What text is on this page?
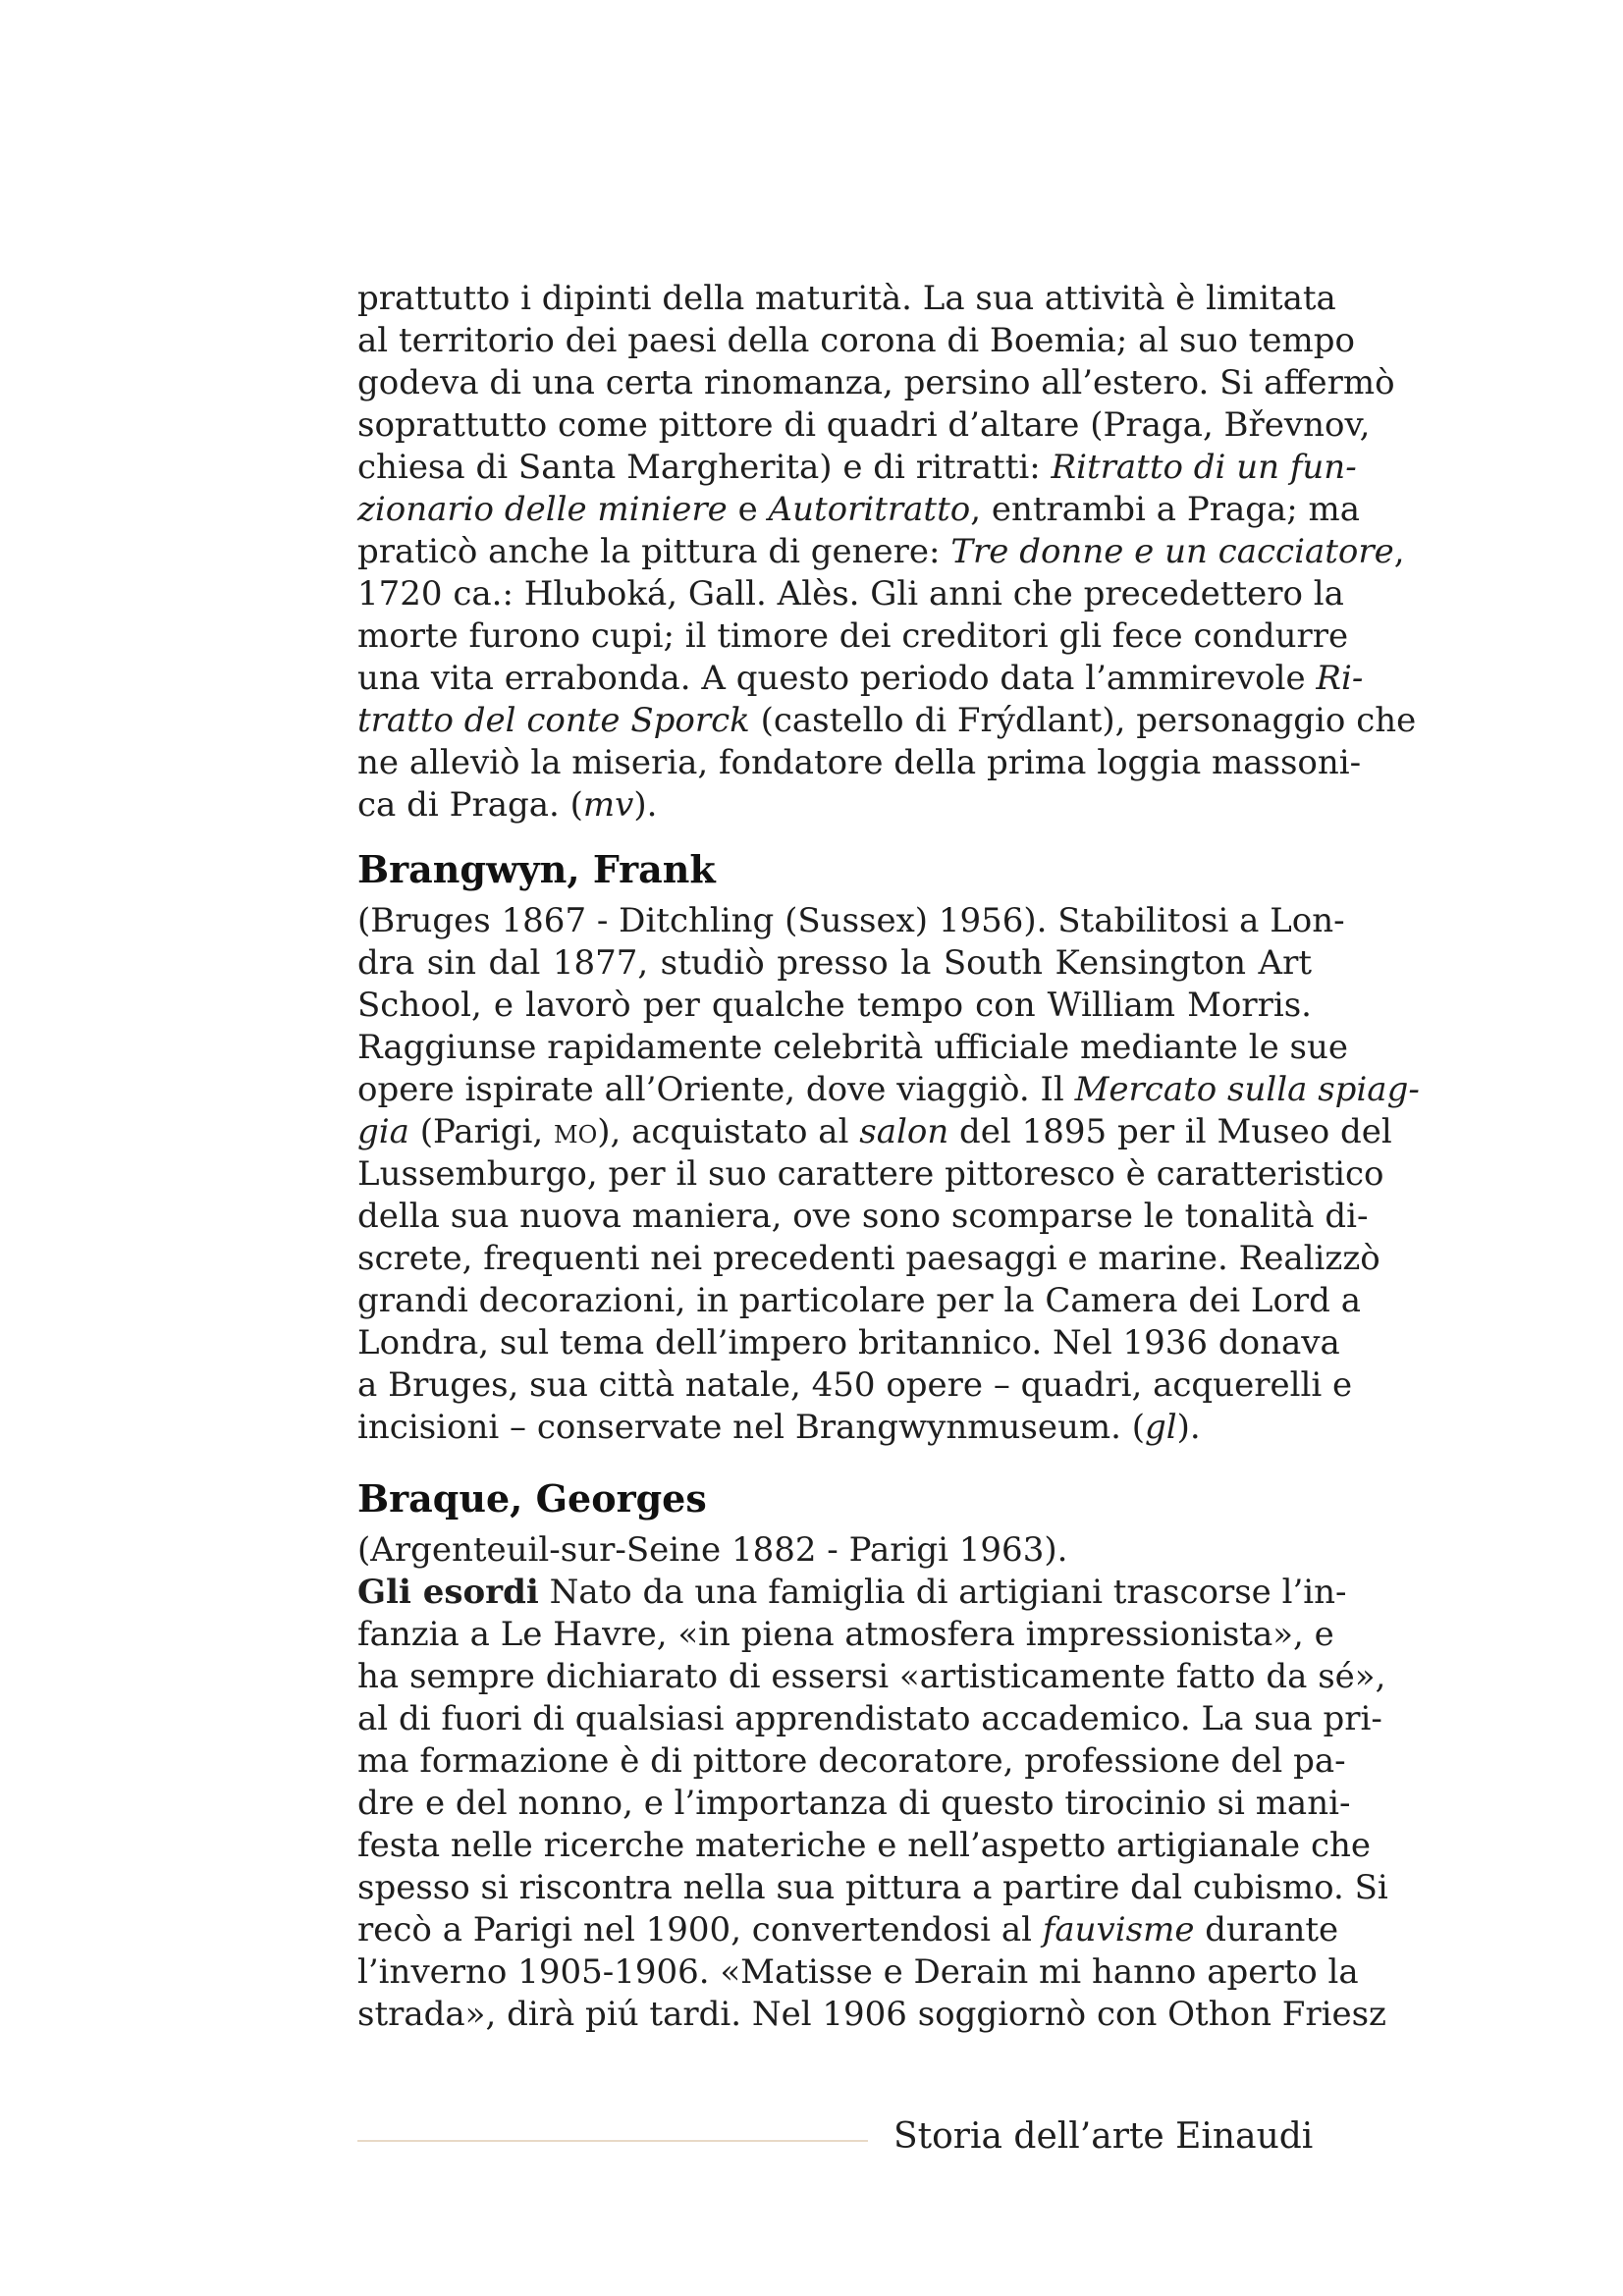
prattutto i dipinti della maturità. La sua attività è limitata
al territorio dei paesi della corona di Boemia; al suo tempo
godeva di una certa rinomanza, persino all’estero. Si affermò
soprattutto come pittore di quadri d’altare (Praga, Břevnov,
chiesa di Santa Margherita) e di ritratti: Ritratto di un fun-
zionario delle miniere e Autoritratto, entrambi a Praga; ma
praticò anche la pittura di genere: Tre donne e un cacciatore,
1720 ca.: Hluboká, Gall. Alès. Gli anni che precedettero la
morte furono cupi; il timore dei creditori gli fece condurre
una vita errabonda. A questo periodo data l’ammirevole Ri-
tratto del conte Sporck (castello di Frýdlant), personaggio che
ne alleviò la miseria, fondatore della prima loggia massoni-
ca di Praga. (mv).
Brangwyn, Frank
(Bruges 1867 - Ditchling (Sussex) 1956). Stabilitosi a Lon-
dra sin dal 1877, studiò presso la South Kensington Art
School, e lavorò per qualche tempo con William Morris.
Raggiunse rapidamente celebrità ufficiale mediante le sue
opere ispirate all’Oriente, dove viaggiò. Il Mercato sulla spiag-
gia (Parigi, mo), acquistato al salon del 1895 per il Museo del
Lussemburgo, per il suo carattere pittoresco è caratteristico
della sua nuova maniera, ove sono scomparse le tonalità di-
screte, frequenti nei precedenti paesaggi e marine. Realizzò
grandi decorazioni, in particolare per la Camera dei Lord a
Londra, sul tema dell’impero britannico. Nel 1936 donava
a Bruges, sua città natale, 450 opere – quadri, acquerelli e
incisioni – conservate nel Brangwynmuseum. (gl).
Braque, Georges
(Argenteuil-sur-Seine 1882 - Parigi 1963).
Gli esordi Nato da una famiglia di artigiani trascorse l’in-
fanzia a Le Havre, «in piena atmosfera impressionista», e
ha sempre dichiarato di essersi «artisticamente fatto da sé»,
al di fuori di qualsiasi apprendistato accademico. La sua pri-
ma formazione è di pittore decoratore, professione del pa-
dre e del nonno, e l’importanza di questo tirocinio si mani-
festa nelle ricerche materiche e nell’aspetto artigianale che
spesso si riscontra nella sua pittura a partire dal cubismo. Si
recò a Parigi nel 1900, convertendosi al fauvisme durante
l’inverno 1905-1906. «Matisse e Derain mi hanno aperto la
strada», dirà piú tardi. Nel 1906 soggiornò con Othon Friesz
Storia dell’arte Einaudi
